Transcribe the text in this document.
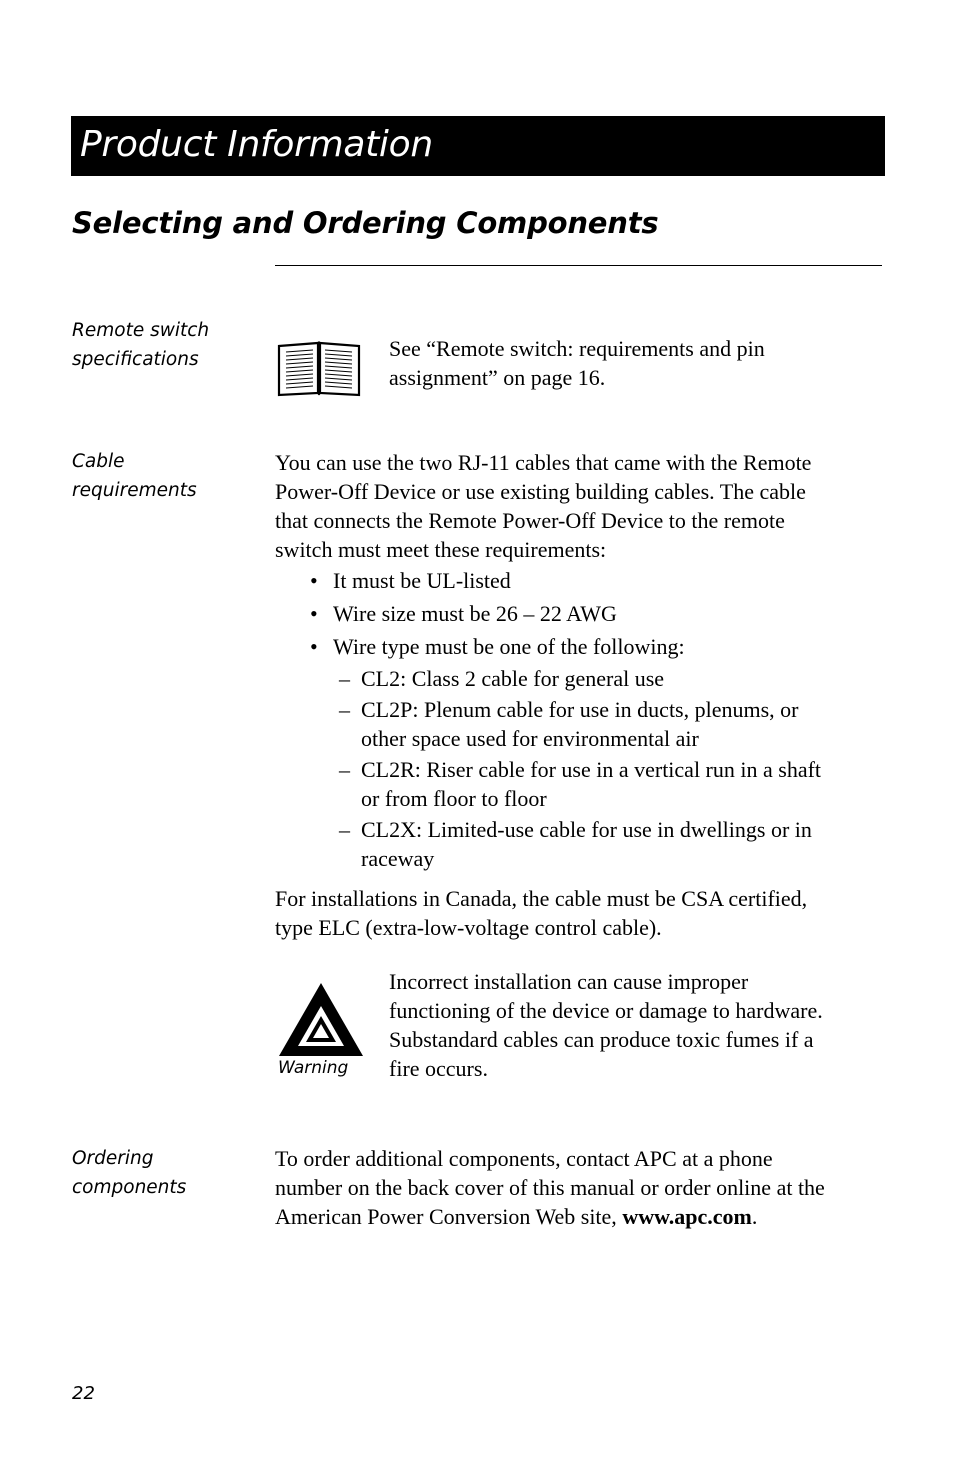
Product Information
Selecting and Ordering Components
Remote switch
specifications	See “Remote switch: requirements and pin
assignment” on page 16.
Cable
requirements
You can use the two RJ-11 cables that came with the Remote
Power-Off Device or use existing building cables. The cable
that connects the Remote Power-Off Device to the remote
switch must meet these requirements:
• It must be UL-listed
• Wire size must be 26 – 22 AWG
• Wire type must be one of the following:
– CL2: Class 2 cable for general use
– CL2P: Plenum cable for use in ducts, plenums, or
other space used for environmental air
– CL2R: Riser cable for use in a vertical run in a shaft
or from floor to floor
– CL2X: Limited-use cable for use in dwellings or in
raceway
For installations in Canada, the cable must be CSA certified,
type ELC (extra-low-voltage control cable).
Warning
Incorrect installation can cause improper
functioning of the device or damage to hardware.
Substandard cables can produce toxic fumes if a
fire occurs.
Ordering
components
To order additional components, contact APC at a phone
number on the back cover of this manual or order online at the
American Power Conversion Web site, www.apc.com.
22
